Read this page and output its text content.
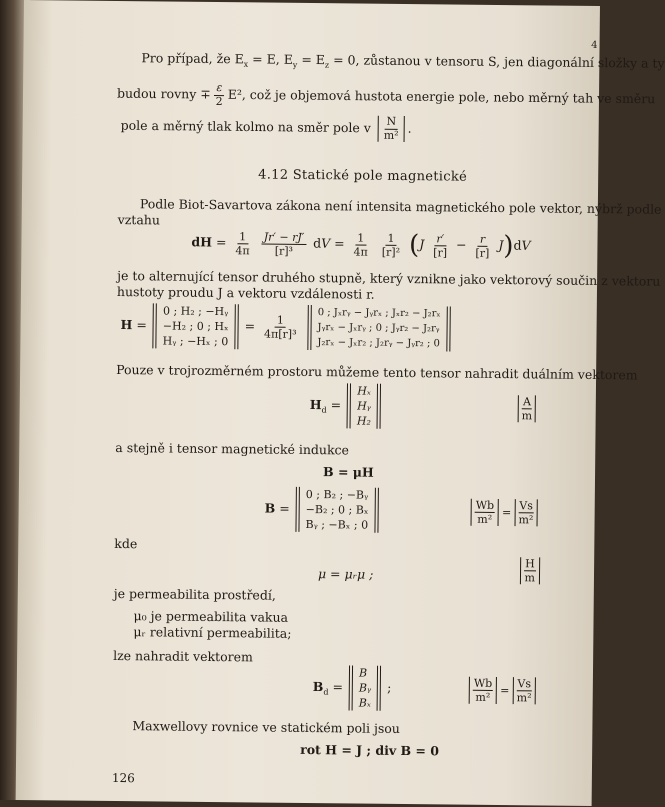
4
Pro případ, že $E_x = E$, $E_y = E_z = 0$, zůstanou v tensoru S, jen diagonální složky a ty
budou rovny ∓ $\frac{\varepsilon}{2} E^2$, což je objemová hustota energie pole, nebo měrný tah ve směru
pole a měrný tlak kolmo na směr pole v $\frac{N}{\text{m²}}$ .
4.12 Statické pole magnetické
Podle Biot-Savartova zákona není intensita magnetického pole vektor, nýbrž podle
vztahu
dH = $\frac{1}{4\pi}$
$\frac{Jr' - rJ'}{\text{[r]³}}$ dV = $\frac{1}{4\pi}$
$\frac{1}{\text{[r]²}} (J \frac{r'}{[r]} - \frac{r}{[r]} J)dV$
je to alternující tensor druhého stupně, který vznikne jako vektorový součin z vektoru
hustoty proudu J a vektoru vzdálenosti r.
H =
0 ; H₂ ; −Hᵧ
−H₂ ; 0 ; Hₓ
Hᵧ ; −Hₓ ; 0
= $\frac{1}{\text{4π[r]³}}$

0 ; Jₓrᵧ − Jᵧrₓ ; Jₓr₂ − J₂rₓ
Jᵧrₓ − Jₓrᵧ ; 0 ; Jᵧr₂ − J₂rᵧ
J₂rₓ − Jₓr₂ ; J₂rᵧ − Jᵧr₂ ; 0
Pouze v trojrozměrném prostoru můžeme tento tensor nahradit duálním vektorem
$H_d$ =
Hₓ
Hᵧ
H₂
A
m
a stejně i tensor magnetické indukce
B = μH
B =
0 ; B₂ ; −Bᵧ
−B₂ ; 0 ; Bₓ
Bᵧ ; −Bₓ ; 0	$\frac{Wb}{\text{m²}} = \frac{Vs}{\text{m²}}$
kde
μ = μᵣμ ;
H
m
je permeabilita prostředí,
μ₀ je permeabilita vakua
μᵣ relativní permeabilita;
lze nahradit vektorem
$B_d$ =
B
Bᵧ
Bₓ
;	$\frac{Wb}{\text{m²}} = \frac{Vs}{\text{m²}}$
Maxwellovy rovnice ve statickém poli jsou
rot H = J ; div B = 0
126
